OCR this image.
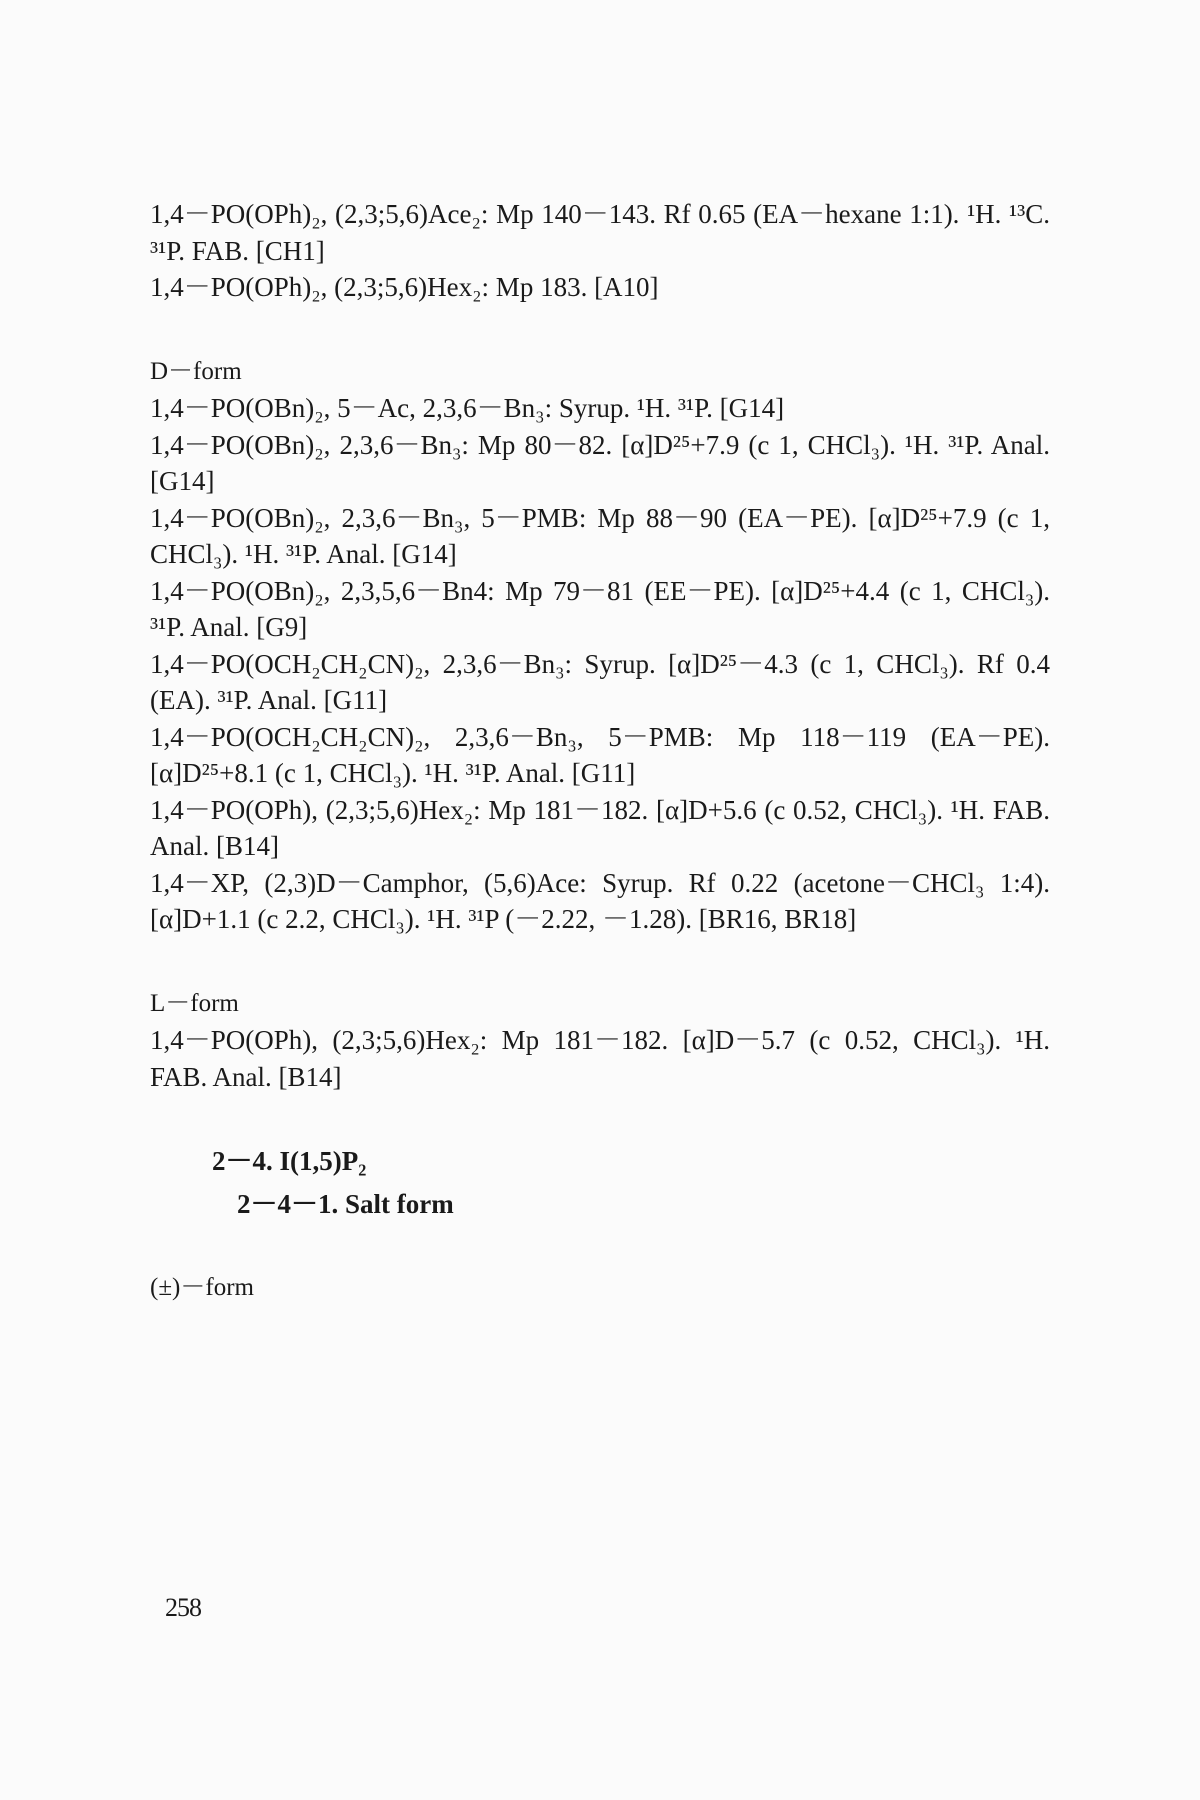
1,4－PO(OPh)₂, (2,3;5,6)Ace₂: Mp 140－143. Rf 0.65 (EA－hexane 1:1). ¹H. ¹³C. ³¹P. FAB. [CH1]

1,4－PO(OPh)₂, (2,3;5,6)Hex₂: Mp 183. [A10]

D－form

1,4－PO(OBn)₂, 5－Ac, 2,3,6－Bn₃: Syrup. ¹H. ³¹P. [G14]

1,4－PO(OBn)₂, 2,3,6－Bn₃: Mp 80－82. [α]D²⁵+7.9 (c 1, CHCl₃). ¹H. ³¹P. Anal. [G14]

1,4－PO(OBn)₂, 2,3,6－Bn₃, 5－PMB: Mp 88－90 (EA－PE). [α]D²⁵+7.9 (c 1, CHCl₃). ¹H. ³¹P. Anal. [G14]

1,4－PO(OBn)₂, 2,3,5,6－Bn4: Mp 79－81 (EE－PE). [α]D²⁵+4.4 (c 1, CHCl₃). ³¹P. Anal. [G9]

1,4－PO(OCH₂CH₂CN)₂, 2,3,6－Bn₃: Syrup. [α]D²⁵－4.3 (c 1, CHCl₃). Rf 0.4 (EA). ³¹P. Anal. [G11]

1,4－PO(OCH₂CH₂CN)₂, 2,3,6－Bn₃, 5－PMB: Mp 118－119 (EA－PE). [α]D²⁵+8.1 (c 1, CHCl₃). ¹H. ³¹P. Anal. [G11]

1,4－PO(OPh), (2,3;5,6)Hex₂: Mp 181－182. [α]D+5.6 (c 0.52, CHCl₃). ¹H. FAB. Anal. [B14]

1,4－XP, (2,3)D－Camphor, (5,6)Ace: Syrup. Rf 0.22 (acetone－CHCl₃ 1:4). [α]D+1.1 (c 2.2, CHCl₃). ¹H. ³¹P (－2.22, －1.28). [BR16, BR18]

L－form

1,4－PO(OPh), (2,3;5,6)Hex₂: Mp 181－182. [α]D－5.7 (c 0.52, CHCl₃). ¹H. FAB. Anal. [B14]

2－4. I(1,5)P₂
2－4－1. Salt form

(±)－form

258
